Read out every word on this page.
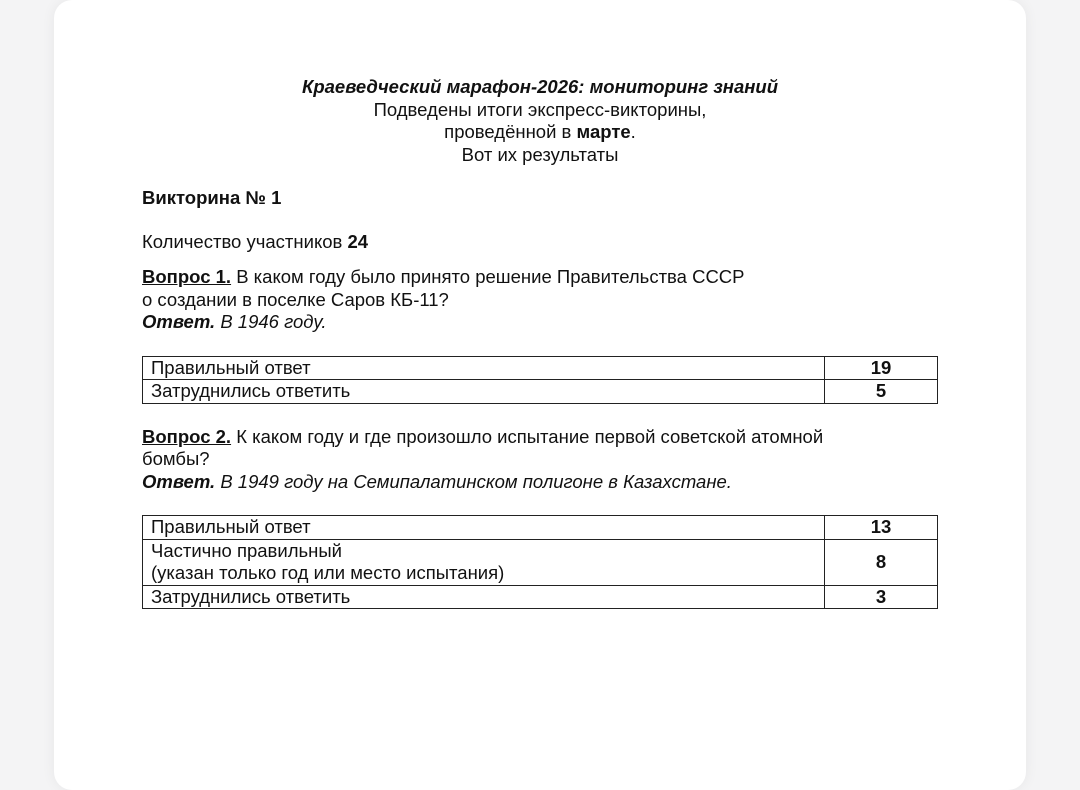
Краеведческий марафон-2026: мониторинг знаний
Подведены итоги экспресс-викторины,
проведённой в марте.
Вот их результаты
Викторина № 1
Количество участников 24
Вопрос 1. В каком году было принято решение Правительства СССР
о создании в поселке Саров КБ-11?
Ответ. В 1946 году.
Правильный ответ	19
Затруднились ответить	5
Вопрос 2. К каком году и где произошло испытание первой советской атомной
бомбы?
Ответ. В 1949 году на Семипалатинском полигоне в Казахстане.
Правильный ответ	13

Частично правильный
(указан только год или место испытания)	8
Затруднились ответить	3
